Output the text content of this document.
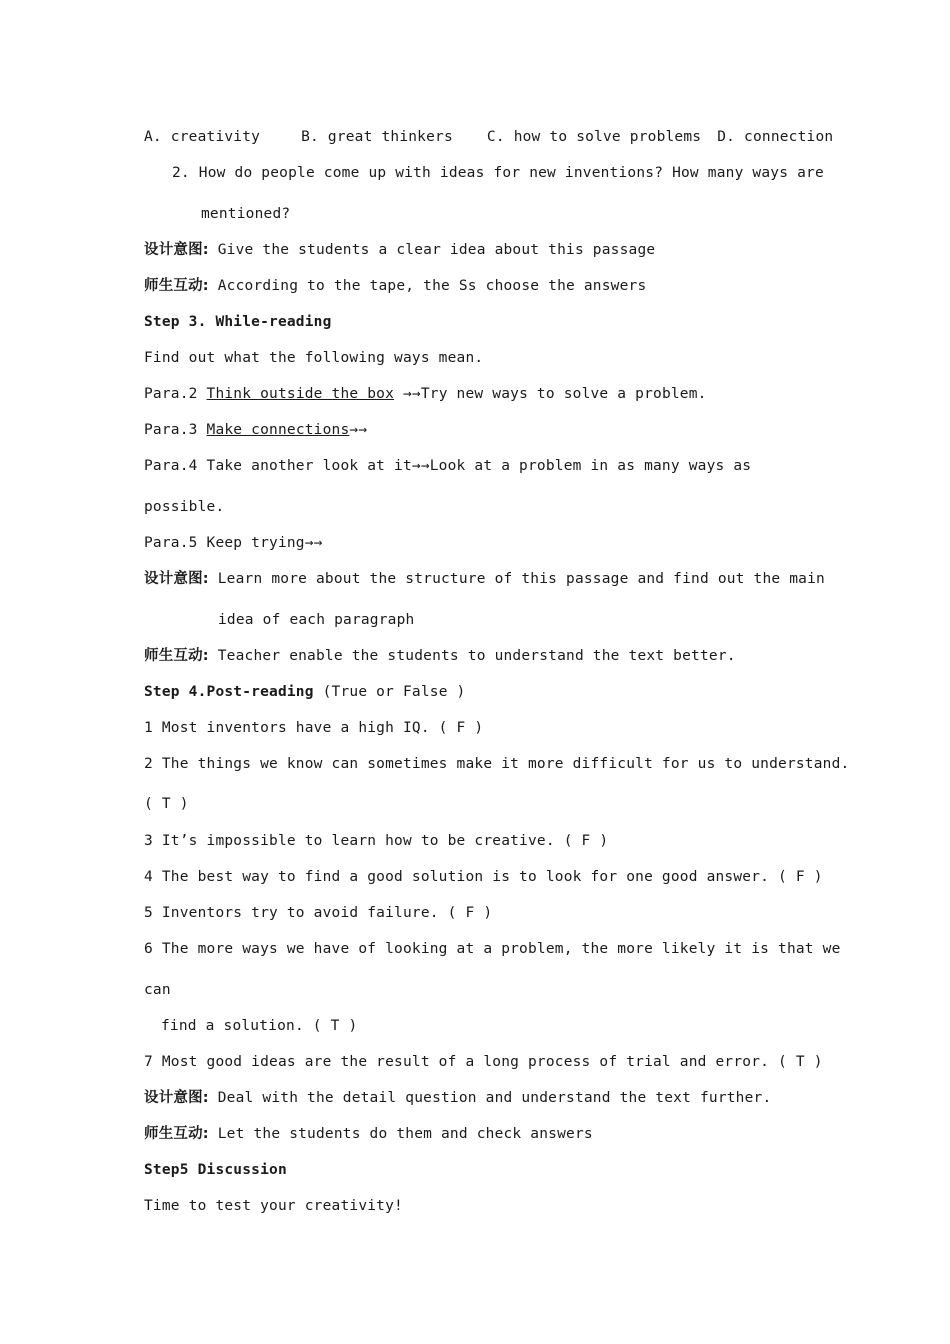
A. creativity	B. great thinkers C. how to solve problems D. connection
2. How do people come up with ideas for new inventions? How many ways are
mentioned?
设计意图: Give the students a clear idea about this passage
师生互动: According to the tape, the Ss choose the answers
Step 3. While-reading
Find out what the following ways mean.
Para.2 Think outside the box →→Try new ways to solve a problem.
Para.3 Make connections→→
Para.4 Take another look at it→→Look at a problem in as many ways as
possible.
Para.5 Keep trying→→
设计意图: Learn more about the structure of this passage and find out the main
idea of each paragraph
师生互动: Teacher enable the students to understand the text better.
Step 4.Post-reading (True or False )
1 Most inventors have a high IQ. ( F )
2 The things we know can sometimes make it more difficult for us to understand.
( T )
3 It’s impossible to learn how to be creative. ( F )
4 The best way to find a good solution is to look for one good answer. ( F )
5 Inventors try to avoid failure. ( F )
6 The more ways we have of looking at a problem, the more likely it is that we
can
find a solution. ( T )
7 Most good ideas are the result of a long process of trial and error. ( T )
设计意图: Deal with the detail question and understand the text further.
师生互动: Let the students do them and check answers
Step5 Discussion
Time to test your creativity!
